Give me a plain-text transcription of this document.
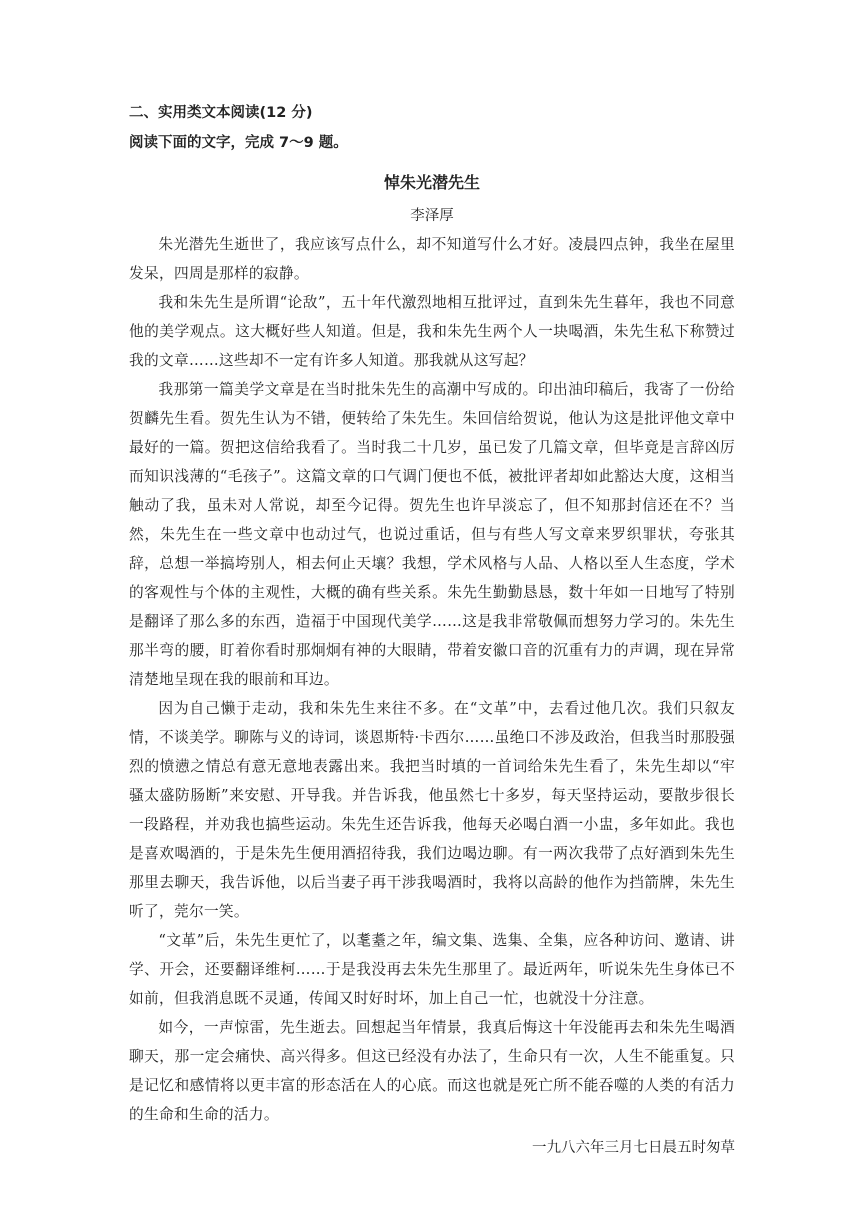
二、实用类文本阅读(12 分)

阅读下面的文字，完成 7～9 题。

悼朱光潜先生

李泽厚

朱光潜先生逝世了，我应该写点什么，却不知道写什么才好。凌晨四点钟，我坐在屋里发呆，四周是那样的寂静。

我和朱先生是所谓“论敌”，五十年代激烈地相互批评过，直到朱先生暮年，我也不同意他的美学观点。这大概好些人知道。但是，我和朱先生两个人一块喝酒，朱先生私下称赞过我的文章……这些却不一定有许多人知道。那我就从这写起？

我那第一篇美学文章是在当时批朱先生的高潮中写成的。印出油印稿后，我寄了一份给贺麟先生看。贺先生认为不错，便转给了朱先生。朱回信给贺说，他认为这是批评他文章中最好的一篇。贺把这信给我看了。当时我二十几岁，虽已发了几篇文章，但毕竟是言辞凶厉而知识浅薄的“毛孩子”。这篇文章的口气调门便也不低，被批评者却如此豁达大度，这相当触动了我，虽未对人常说，却至今记得。贺先生也许早淡忘了，但不知那封信还在不？当然，朱先生在一些文章中也动过气，也说过重话，但与有些人写文章来罗织罪状，夸张其辞，总想一举搞垮别人，相去何止天壤？我想，学术风格与人品、人格以至人生态度，学术的客观性与个体的主观性，大概的确有些关系。朱先生勤勤恳恳，数十年如一日地写了特别是翻译了那么多的东西，造福于中国现代美学……这是我非常敬佩而想努力学习的。朱先生那半弯的腰，盯着你看时那炯炯有神的大眼睛，带着安徽口音的沉重有力的声调，现在异常清楚地呈现在我的眼前和耳边。

因为自己懒于走动，我和朱先生来往不多。在“文革”中，去看过他几次。我们只叙友情，不谈美学。聊陈与义的诗词，谈恩斯特·卡西尔……虽绝口不涉及政治，但我当时那股强烈的愤懑之情总有意无意地表露出来。我把当时填的一首词给朱先生看了，朱先生却以“牢骚太盛防肠断”来安慰、开导我。并告诉我，他虽然七十多岁，每天坚持运动，要散步很长一段路程，并劝我也搞些运动。朱先生还告诉我，他每天必喝白酒一小盅，多年如此。我也是喜欢喝酒的，于是朱先生便用酒招待我，我们边喝边聊。有一两次我带了点好酒到朱先生那里去聊天，我告诉他，以后当妻子再干涉我喝酒时，我将以高龄的他作为挡箭牌，朱先生听了，莞尔一笑。

“文革”后，朱先生更忙了，以耄耋之年，编文集、选集、全集，应各种访问、邀请、讲学、开会，还要翻译维柯……于是我没再去朱先生那里了。最近两年，听说朱先生身体已不如前，但我消息既不灵通，传闻又时好时坏，加上自己一忙，也就没十分注意。

如今，一声惊雷，先生逝去。回想起当年情景，我真后悔这十年没能再去和朱先生喝酒聊天，那一定会痛快、高兴得多。但这已经没有办法了，生命只有一次，人生不能重复。只是记忆和感情将以更丰富的形态活在人的心底。而这也就是死亡所不能吞噬的人类的有活力的生命和生命的活力。

一九八六年三月七日晨五时匆草
